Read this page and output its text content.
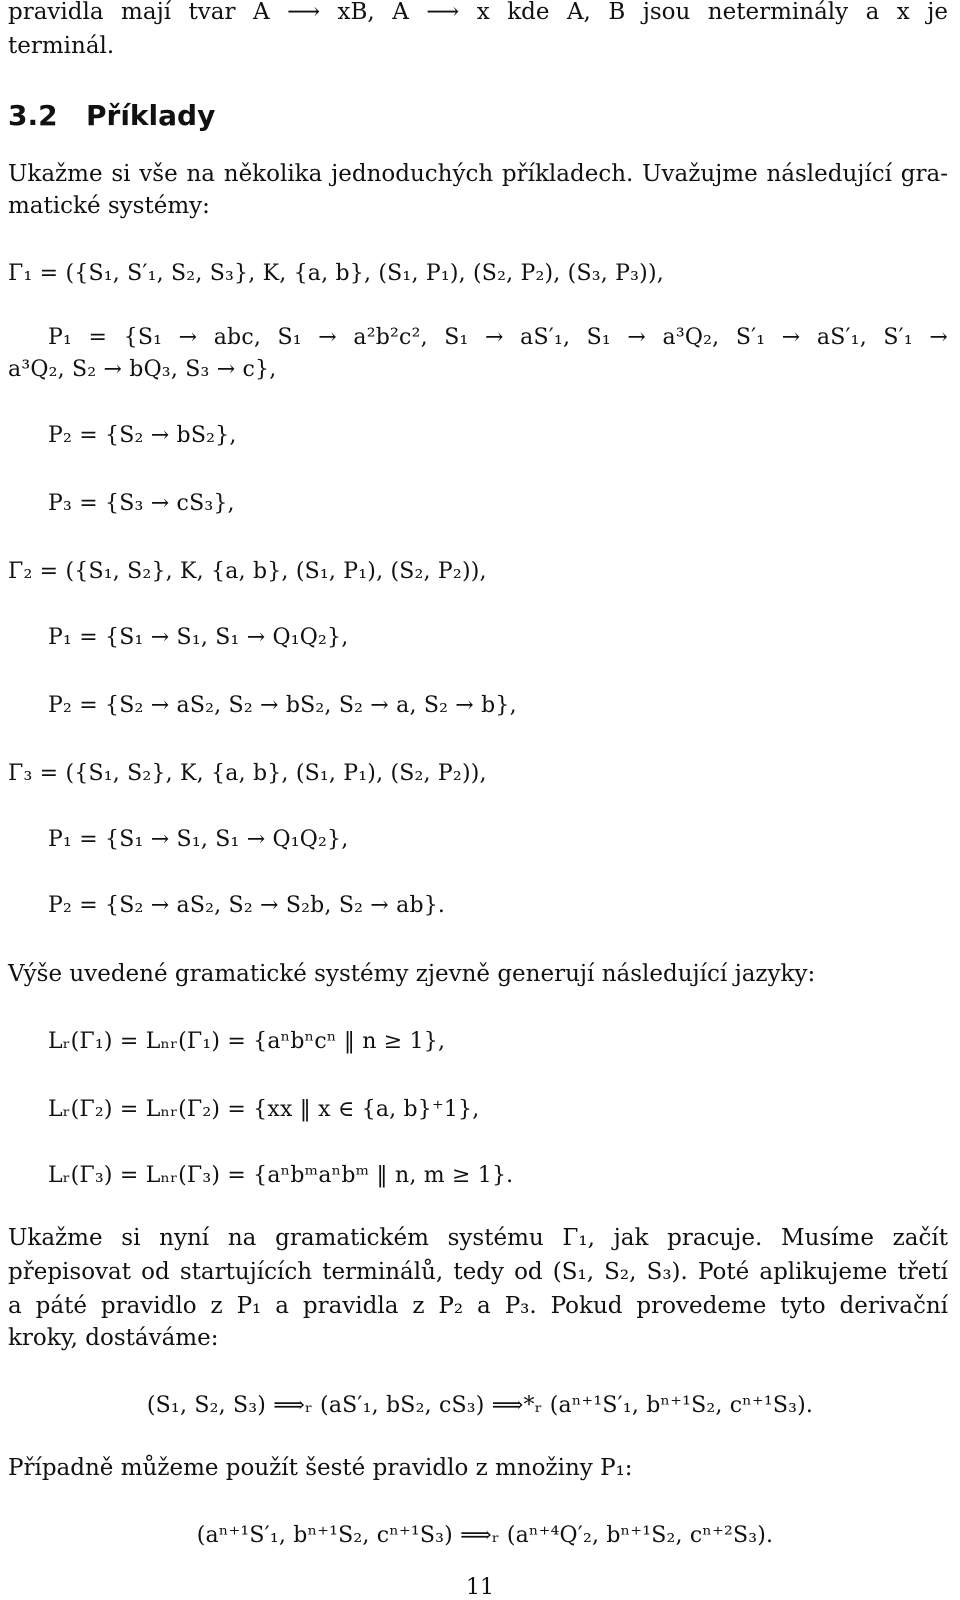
pravidla mají tvar A ⟶ xB, A ⟶ x kde A, B jsou neterminály a x je
terminál.
3.2 Příklady
Ukažme si vše na několika jednoduchých příkladech. Uvažujme následující gra-
matické systémy:
Γ₁ = ({S₁, S′₁, S₂, S₃}, K, {a, b}, (S₁, P₁), (S₂, P₂), (S₃, P₃)),
P₁ = {S₁ → abc, S₁ → a²b²c², S₁ → aS′₁, S₁ → a³Q₂, S′₁ → aS′₁, S′₁ →
a³Q₂, S₂ → bQ₃, S₃ → c},
P₂ = {S₂ → bS₂},
P₃ = {S₃ → cS₃},
Γ₂ = ({S₁, S₂}, K, {a, b}, (S₁, P₁), (S₂, P₂)),
P₁ = {S₁ → S₁, S₁ → Q₁Q₂},
P₂ = {S₂ → aS₂, S₂ → bS₂, S₂ → a, S₂ → b},
Γ₃ = ({S₁, S₂}, K, {a, b}, (S₁, P₁), (S₂, P₂)),
P₁ = {S₁ → S₁, S₁ → Q₁Q₂},
P₂ = {S₂ → aS₂, S₂ → S₂b, S₂ → ab}.
Výše uvedené gramatické systémy zjevně generují následující jazyky:
Lᵣ(Γ₁) = Lₙᵣ(Γ₁) = {aⁿbⁿcⁿ ‖ n ≥ 1},
Lᵣ(Γ₂) = Lₙᵣ(Γ₂) = {xx ‖ x ∈ {a, b}⁺1},
Lᵣ(Γ₃) = Lₙᵣ(Γ₃) = {aⁿbᵐaⁿbᵐ ‖ n, m ≥ 1}.
Ukažme si nyní na gramatickém systému Γ₁, jak pracuje. Musíme začít
přepisovat od startujících terminálů, tedy od (S₁, S₂, S₃). Poté aplikujeme třetí
a páté pravidlo z P₁ a pravidla z P₂ a P₃. Pokud provedeme tyto derivační
kroky, dostáváme:
(S₁, S₂, S₃) ⟹ᵣ (aS′₁, bS₂, cS₃) ⟹*ᵣ (aⁿ⁺¹S′₁, bⁿ⁺¹S₂, cⁿ⁺¹S₃).
Případně můžeme použít šesté pravidlo z množiny P₁:
(aⁿ⁺¹S′₁, bⁿ⁺¹S₂, cⁿ⁺¹S₃) ⟹ᵣ (aⁿ⁺⁴Q′₂, bⁿ⁺¹S₂, cⁿ⁺²S₃).
11
